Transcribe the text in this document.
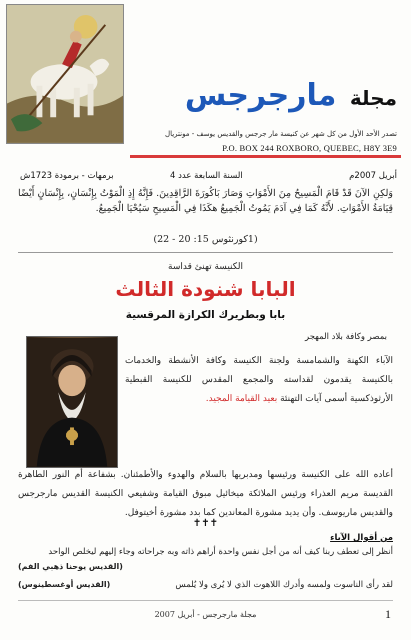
مجلة مارجرجس
تصدر الأحد الأول من كل شهر عن كنيسة مار جرجس والقديس يوسف - مونتريال
P.O. BOX 244 ROXBORO, QUEBEC, H8Y 3E9
أبريل 2007م
السنة السابعة عدد 4
برمهات - برمودة 1723ش
وَلكِنِ الآنَ قَدْ قَامَ الْمَسِيحُ مِنَ الأَمْوَاتِ وَصَارَ بَاكُورَةَ الرَّاقِدِينَ. فَإِنَّهُ إِذِ الْمَوْتُ بِإِنْسَانٍ، بِإِنْسَانٍ أَيْضًا قِيَامَةُ الأَمْوَاتِ. لأَنَّهُ كَمَا فِي آدَمَ يَمُوتُ الْجَمِيعُ هكَذَا فِي الْمَسِيحِ سَيُحْيَا الْجَمِيعُ.
(1كورنثوس 15: 20 - 22)
الكنيسة تهنئ قداسة
البابا شنودة الثالث
بابا وبطريرك الكرازة المرقسية
بمصر وكافة بلاد المهجر
الآباء الكهنة والشمامسة ولجنة الكنيسة وكافة الأنشطة والخدمات بالكنيسة يقدمون لقداسته والمجمع المقدس للكنيسة القبطية الأرثوذكسية أسمى آيات التهنئة بعيد القيامة المجيد.
أعاده الله على الكنيسة ورئيسها ومدبريها بالسلام والهدوء والأطمئنان. بشفاعة أم النور الطاهرة القديسة مريم العذراء ورئيس الملائكة ميخائيل مبوق القيامة وشفيعي الكنيسة القديس مارجرجس والقديس ماريوسف. وأن يديد مشورة المعاندين كما بدد مشورة أخيتوفل.
✝✝✝
من أقوال الآباء
أنظر إلى تعطف ربنا كيف أنه من أجل نفس واحدة أراهم ذاته وبه جراحاته وجاء إليهم ليخلص الواحد
(القديس يوحنا ذهبي الفم)
لقد رأى الناسوت ولمسه وأدرك اللاهوت الذي لا يُرى ولا يُلمس
(القديس أوغسطينوس)
1
مجلة مارجرجس - أبريل 2007
